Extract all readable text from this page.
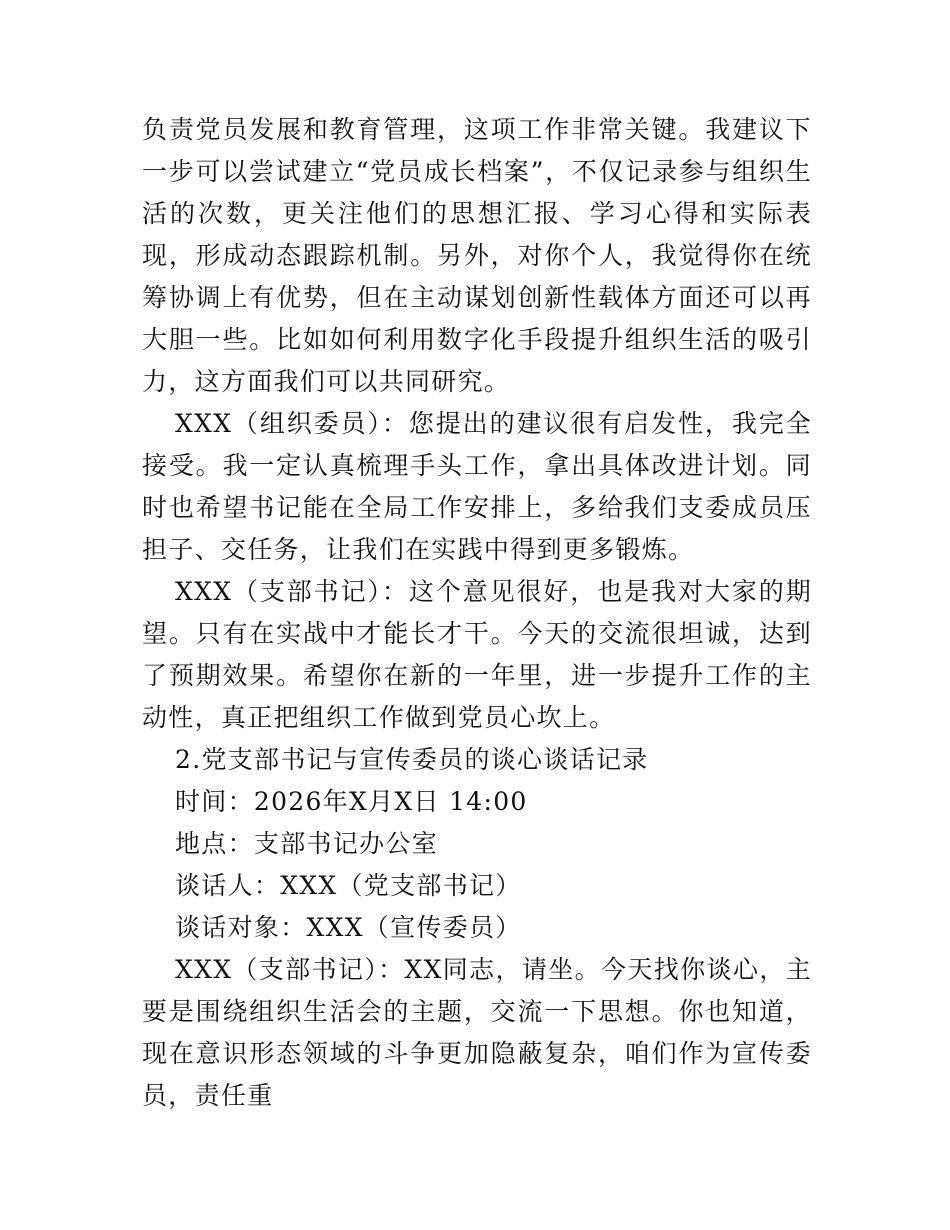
负责党员发展和教育管理，这项工作非常关键。我建议下一步可以尝试建立“党员成长档案”，不仅记录参与组织生活的次数，更关注他们的思想汇报、学习心得和实际表现，形成动态跟踪机制。另外，对你个人，我觉得你在统筹协调上有优势，但在主动谋划创新性载体方面还可以再大胆一些。比如如何利用数字化手段提升组织生活的吸引力，这方面我们可以共同研究。

XXX（组织委员）：您提出的建议很有启发性，我完全接受。我一定认真梳理手头工作，拿出具体改进计划。同时也希望书记能在全局工作安排上，多给我们支委成员压担子、交任务，让我们在实践中得到更多锻炼。

XXX（支部书记）：这个意见很好，也是我对大家的期望。只有在实战中才能长才干。今天的交流很坦诚，达到了预期效果。希望你在新的一年里，进一步提升工作的主动性，真正把组织工作做到党员心坎上。

2.党支部书记与宣传委员的谈心谈话记录

时间：2026年X月X日 14:00

地点：支部书记办公室

谈话人：XXX（党支部书记）

谈话对象：XXX（宣传委员）

XXX（支部书记）：XX同志，请坐。今天找你谈心，主要是围绕组织生活会的主题，交流一下思想。你也知道，现在意识形态领域的斗争更加隐蔽复杂，咱们作为宣传委员，责任重
